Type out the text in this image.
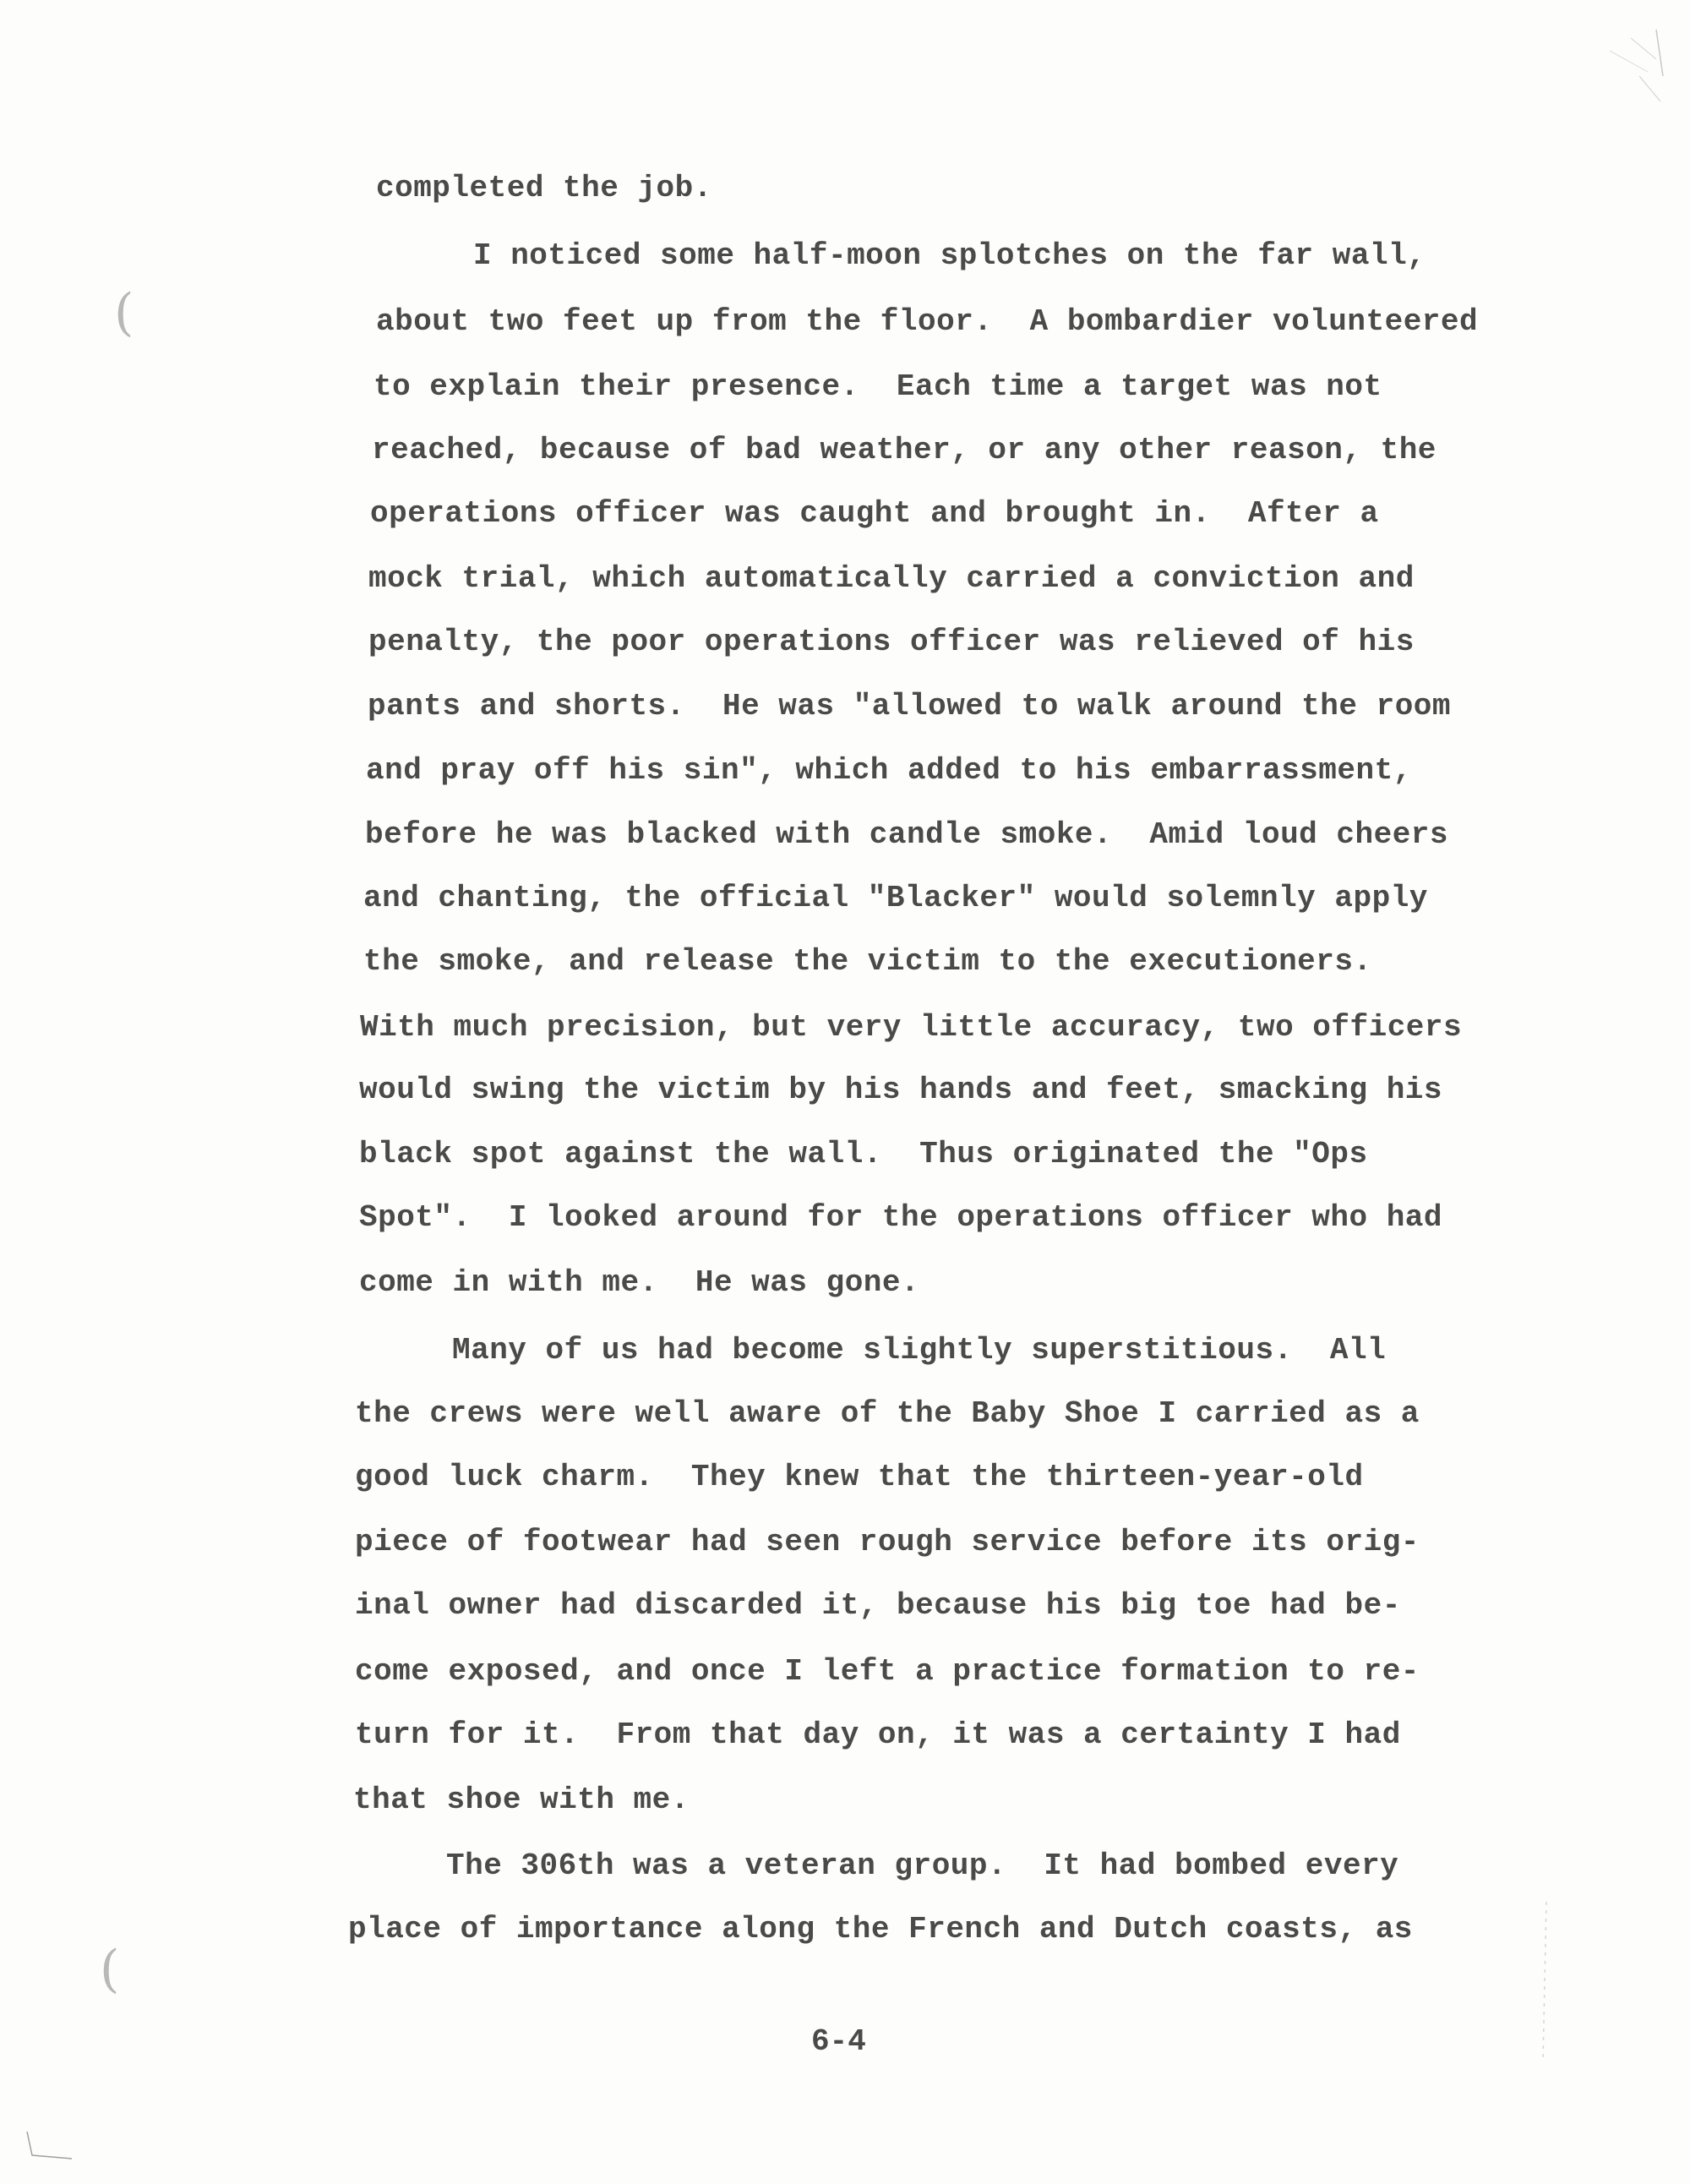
completed the job.

I noticed some half-moon splotches on the far wall,

about two feet up from the floor.  A bombardier volunteered

to explain their presence.  Each time a target was not

reached, because of bad weather, or any other reason, the

operations officer was caught and brought in.  After a

mock trial, which automatically carried a conviction and

penalty, the poor operations officer was relieved of his

pants and shorts.  He was "allowed to walk around the room

and pray off his sin", which added to his embarrassment,

before he was blacked with candle smoke.  Amid loud cheers

and chanting, the official "Blacker" would solemnly apply

the smoke, and release the victim to the executioners.

With much precision, but very little accuracy, two officers

would swing the victim by his hands and feet, smacking his

black spot against the wall.  Thus originated the "Ops

Spot".  I looked around for the operations officer who had

come in with me.  He was gone.

Many of us had become slightly superstitious.  All

the crews were well aware of the Baby Shoe I carried as a

good luck charm.  They knew that the thirteen-year-old

piece of footwear had seen rough service before its orig-

inal owner had discarded it, because his big toe had be-

come exposed, and once I left a practice formation to re-

turn for it.  From that day on, it was a certainty I had

that shoe with me.

The 306th was a veteran group.  It had bombed every

place of importance along the French and Dutch coasts, as

6-4
(
(
